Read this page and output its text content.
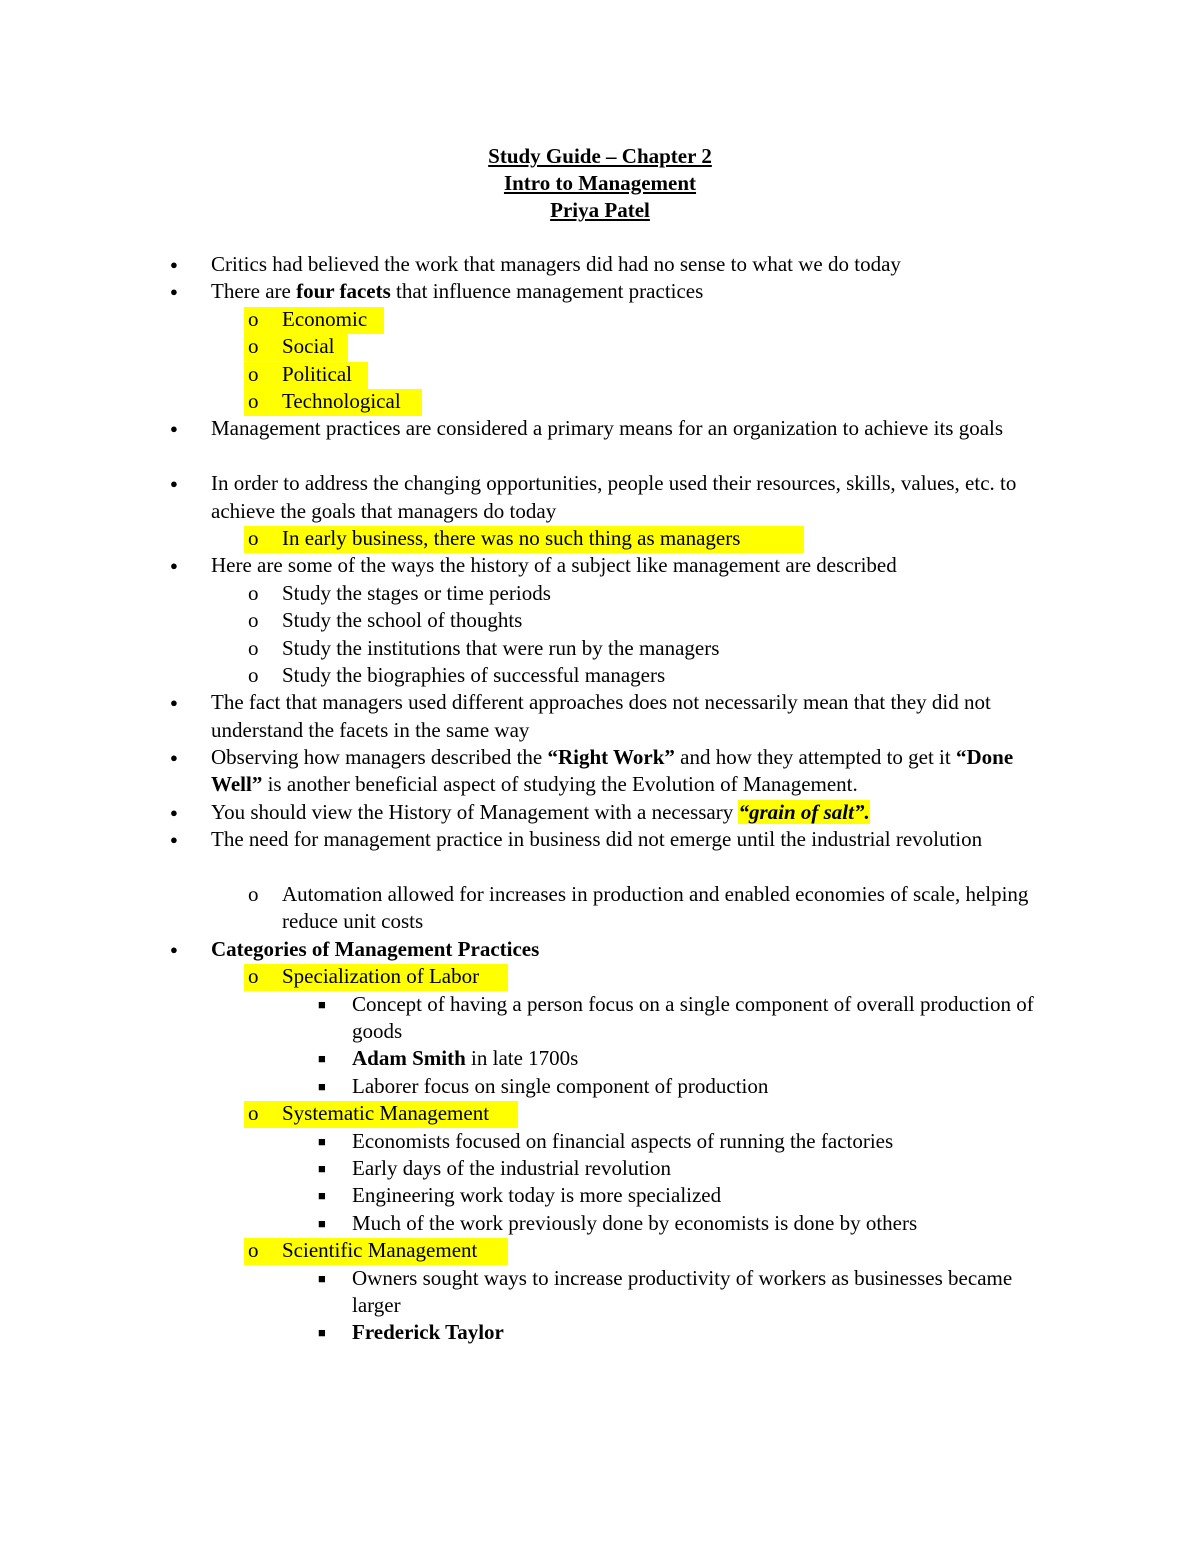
Study Guide – Chapter 2
Intro to Management
Priya Patel
● Critics had believed the work that managers did had no sense to what we do today
● There are four facets that influence management practices
o Economic
o Social
o Political
o Technological
● Management practices are considered a primary means for an organization to achieve its goals
● In order to address the changing opportunities, people used their resources, skills, values, etc. to achieve the goals that managers do today
o In early business, there was no such thing as managers
● Here are some of the ways the history of a subject like management are described
o Study the stages or time periods
o Study the school of thoughts
o Study the institutions that were run by the managers
o Study the biographies of successful managers
● The fact that managers used different approaches does not necessarily mean that they did not understand the facets in the same way
● Observing how managers described the “Right Work” and how they attempted to get it “Done Well” is another beneficial aspect of studying the Evolution of Management.
● You should view the History of Management with a necessary “grain of salt”.
● The need for management practice in business did not emerge until the industrial revolution
o Automation allowed for increases in production and enabled economies of scale, helping reduce unit costs
● Categories of Management Practices
o Specialization of Labor
■ Concept of having a person focus on a single component of overall production of goods
■ Adam Smith in late 1700s
■ Laborer focus on single component of production
o Systematic Management
■ Economists focused on financial aspects of running the factories
■ Early days of the industrial revolution
■ Engineering work today is more specialized
■ Much of the work previously done by economists is done by others
o Scientific Management
■ Owners sought ways to increase productivity of workers as businesses became larger
■ Frederick Taylor
